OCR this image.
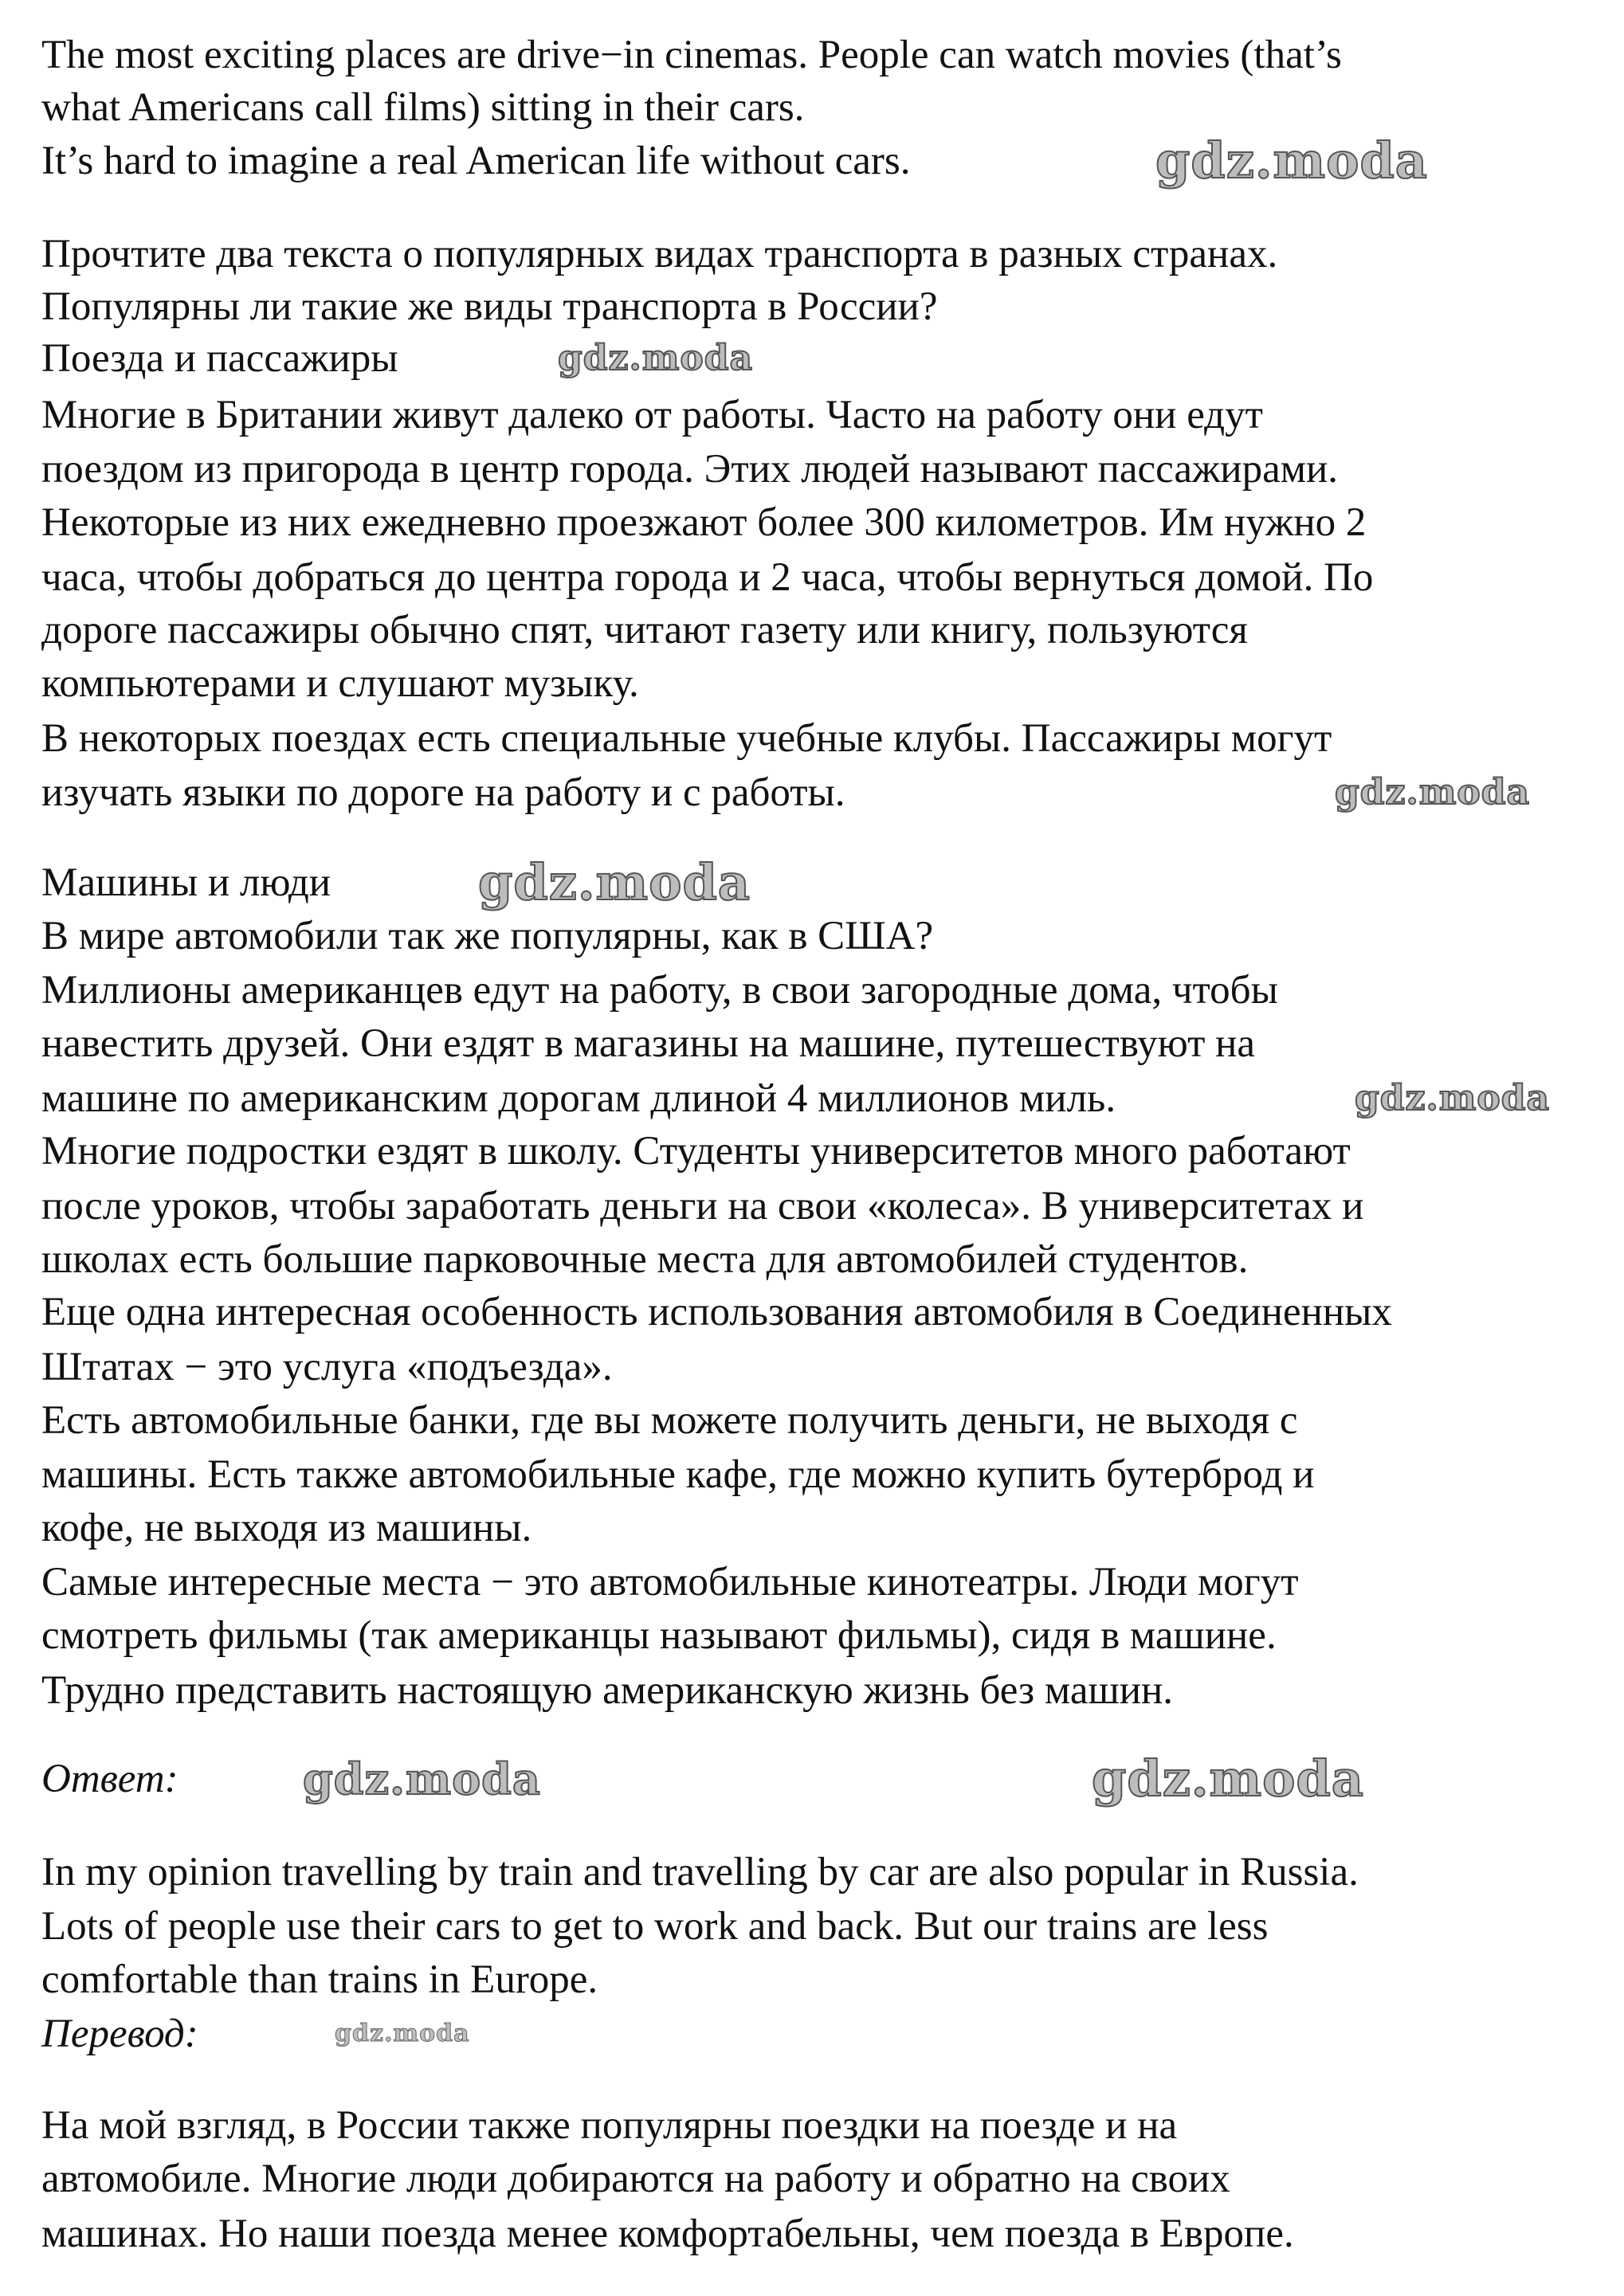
The most exciting places are drive−in cinemas. People can watch movies (that’s
what Americans call films) sitting in their cars.
It’s hard to imagine a real American life without cars.
Прочтите два текста о популярных видах транспорта в разных странах.
Популярны ли такие же виды транспорта в России?
Поезда и пассажиры
Многие в Британии живут далеко от работы. Часто на работу они едут
поездом из пригорода в центр города. Этих людей называют пассажирами.
Некоторые из них ежедневно проезжают более 300 километров. Им нужно 2
часа, чтобы добраться до центра города и 2 часа, чтобы вернуться домой. По
дороге пассажиры обычно спят, читают газету или книгу, пользуются
компьютерами и слушают музыку.
В некоторых поездах есть специальные учебные клубы. Пассажиры могут
изучать языки по дороге на работу и с работы.
Машины и люди
В мире автомобили так же популярны, как в США?
Миллионы американцев едут на работу, в свои загородные дома, чтобы
навестить друзей. Они ездят в магазины на машине, путешествуют на
машине по американским дорогам длиной 4 миллионов миль.
Многие подростки ездят в школу. Студенты университетов много работают
после уроков, чтобы заработать деньги на свои «колеса». В университетах и
школах есть большие парковочные места для автомобилей студентов.
Еще одна интересная особенность использования автомобиля в Соединенных
Штатах − это услуга «подъезда».
Есть автомобильные банки, где вы можете получить деньги, не выходя с
машины. Есть также автомобильные кафе, где можно купить бутерброд и
кофе, не выходя из машины.
Самые интересные места − это автомобильные кинотеатры. Люди могут
смотреть фильмы (так американцы называют фильмы), сидя в машине.
Трудно представить настоящую американскую жизнь без машин.
Ответ:
In my opinion travelling by train and travelling by car are also popular in Russia.
Lots of people use their cars to get to work and back. But our trains are less
comfortable than trains in Europe.
Перевод:
На мой взгляд, в России также популярны поездки на поезде и на
автомобиле. Многие люди добираются на работу и обратно на своих
машинах. Но наши поезда менее комфортабельны, чем поезда в Европе.
gdz.moda
gdz.moda
gdz.moda
gdz.moda
gdz.moda
gdz.moda	gdz.moda
gdz.moda
